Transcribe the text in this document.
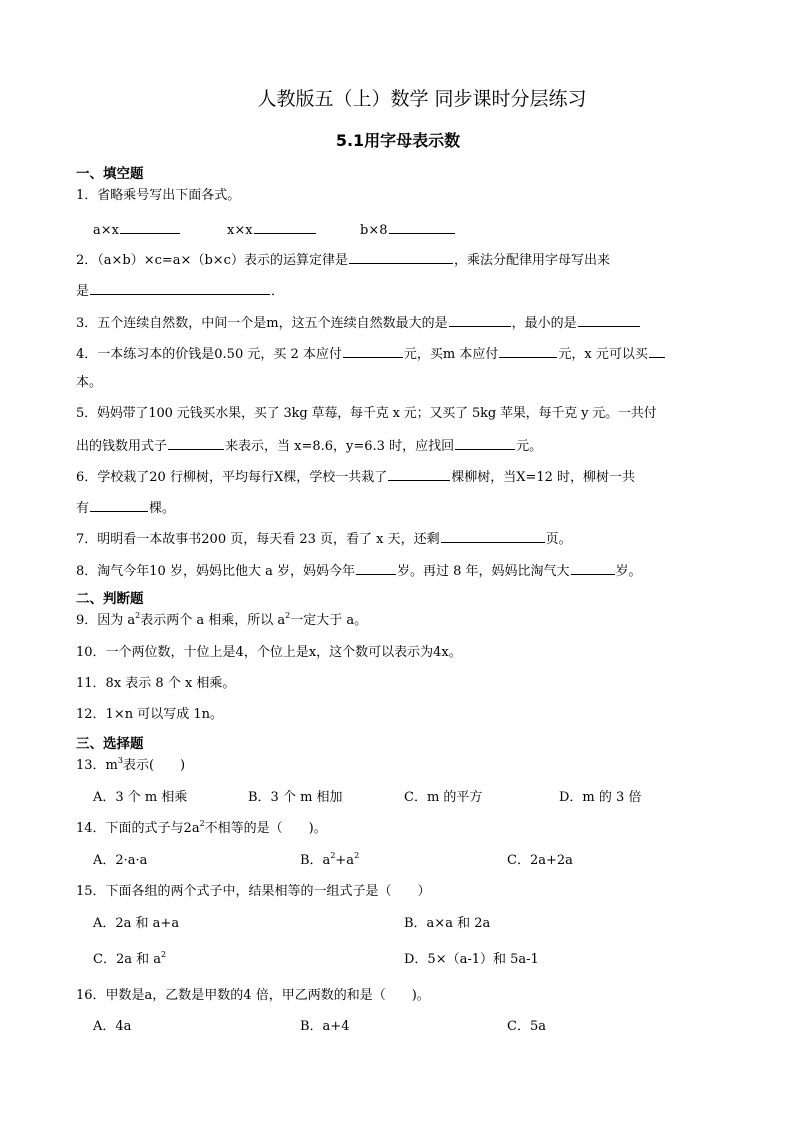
人教版五（上）数学 同步课时分层练习
5.1用字母表示数
一、填空题
1．省略乘号写出下面各式。
a×x	x×x	b×8
2．（a×b）×c=a×（b×c）表示的运算定律是	，乘法分配律用字母写出来
是	．
3．五个连续自然数，中间一个是m，这五个连续自然数最大的是	，最小的是
4．一本练习本的价钱是0.50 元，买 2 本应付	元，买m 本应付	元，x 元可以买
本。
5．妈妈带了100 元钱买水果，买了 3kg 草莓，每千克 x 元；又买了 5kg 苹果，每千克 y 元。一共付
出的钱数用式子	来表示，当 x=8.6，y=6.3 时，应找回	元。
6．学校栽了20 行柳树，平均每行Ⅹ棵，学校一共栽了	棵柳树，当Ⅹ=12 时，柳树一共
有	棵。
7．明明看一本故事书200 页，每天看 23 页，看了 x 天，还剩	页。
8．淘气今年10 岁，妈妈比他大 a 岁，妈妈今年	岁。再过 8 年，妈妈比淘气大	岁。
二、判断题
9．因为 $a^2$表示两个 a 相乘，所以 $a^2$一定大于 a。
10．一个两位数，十位上是4，个位上是x，这个数可以表示为4x。
11．8x 表示 8 个 x 相乘。
12．1×n 可以写成 1n。
三、选择题
13．$m^3$表示(　　)
A．3 个 m 相乘	B．3 个 m 相加	C．m 的平方	D．m 的 3 倍
14．下面的式子与$2a^2$不相等的是（　　)。
A．2·a·a	B．$a^2+a^2$	C．2a+2a
15．下面各组的两个式子中，结果相等的一组式子是（　　）
A．2a 和 a+a	B．a×a 和 2a
C．2a 和 $a^2$	D．5×（a-1）和 5a-1
16．甲数是a，乙数是甲数的4 倍，甲乙两数的和是（　　)。
A．4a	B．a+4	C．5a
